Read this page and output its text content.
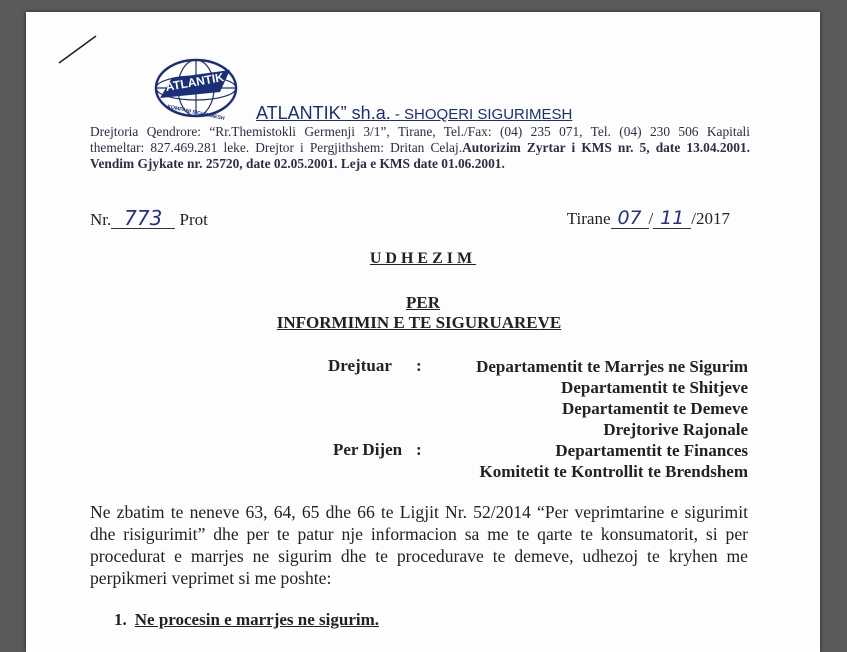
ATLANTIK
KOMPANI SIGURIMESH ATLANTIK” sh.a. - SHOQERI SIGURIMESH
Drejtoria Qendrore: “Rr.Themistokli Germenji 3/1”, Tirane, Tel./Fax: (04) 235 071, Tel. (04) 230 506 Kapitali
themeltar: 827.469.281 leke. Drejtor i Pergjithshem: Dritan Celaj.Autorizim Zyrtar i KMS nr. 5, date 13.04.2001.
Vendim Gjykate nr. 25720, date 02.05.2001. Leja e KMS date 01.06.2001.
Nr. 773 Prot	Tirane 07 / 11 /2017
UDHEZIM
PER
INFORMIMIN E TE SIGURUAREVE
Drejtuar :	Departamentit te Marrjes ne Sigurim
Departamentit te Shitjeve
Departamentit te Demeve
Drejtorive Rajonale
Per Dijen :	Departamentit te Finances
Komitetit te Kontrollit te Brendshem
Ne zbatim te neneve 63, 64, 65 dhe 66 te Ligjit Nr. 52/2014 “Per veprimtarine e sigurimit dhe risigurimit” dhe per te patur nje informacion sa me te qarte te konsumatorit, si per procedurat e marrjes ne sigurim dhe te procedurave te demeve, udhezoj te kryhen me perpikmeri veprimet si me poshte:
1. Ne procesin e marrjes ne sigurim.
